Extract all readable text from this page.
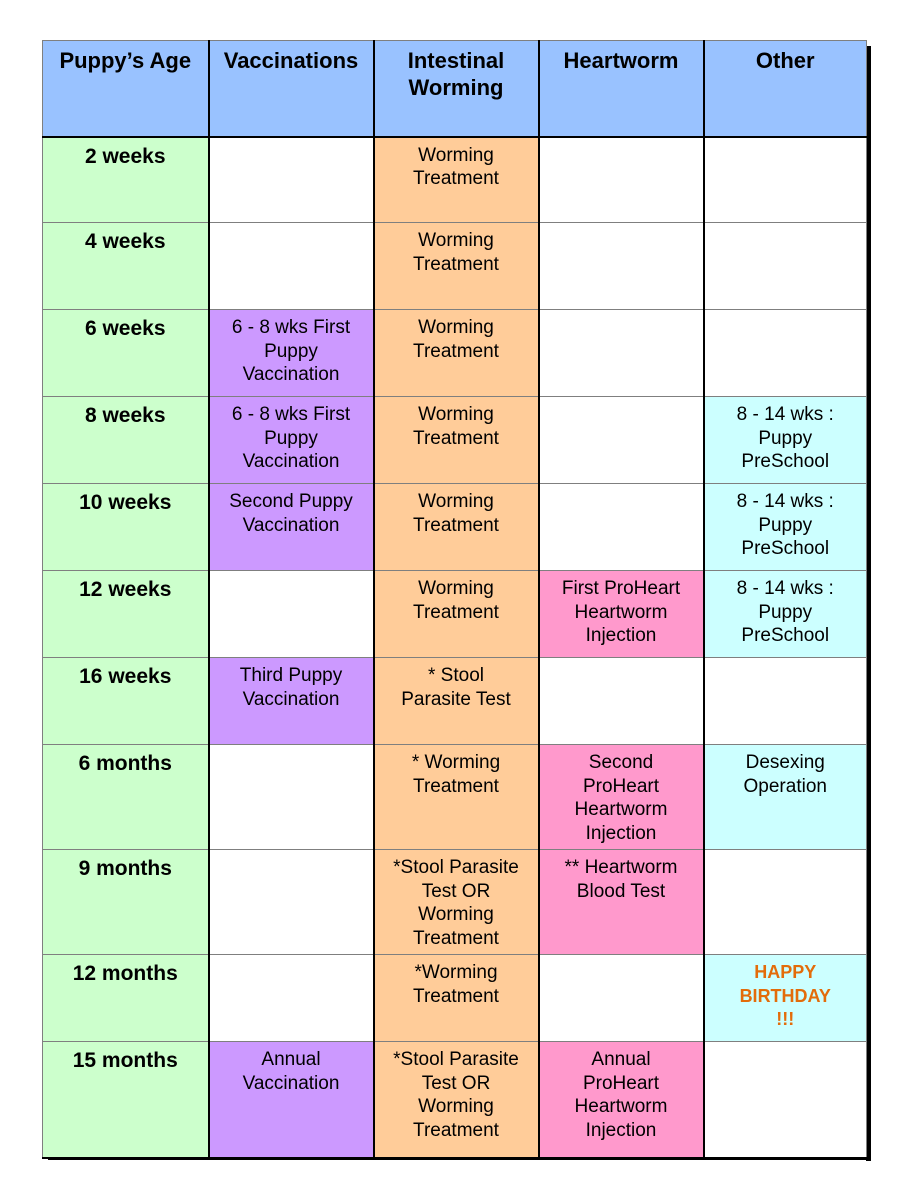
Puppy’s Age	Vaccinations	Intestinal Worming	Heartworm	Other
2 weeks		Worming Treatment		

4 weeks		Worming Treatment		

6 weeks	6 - 8 wks First Puppy Vaccination	Worming Treatment		

8 weeks	6 - 8 wks First Puppy Vaccination	Worming Treatment		8 - 14 wks : Puppy PreSchool

10 weeks	Second Puppy Vaccination	Worming Treatment		8 - 14 wks : Puppy PreSchool

12 weeks		Worming Treatment	First ProHeart Heartworm Injection	8 - 14 wks : Puppy PreSchool

16 weeks	Third Puppy Vaccination	* Stool Parasite Test		

6 months		* Worming Treatment	Second ProHeart Heartworm Injection	Desexing Operation

9 months		*Stool Parasite Test OR Worming Treatment	** Heartworm Blood Test	

12 months		*Worming Treatment		HAPPY BIRTHDAY !!!

15 months	Annual Vaccination	*Stool Parasite Test OR Worming Treatment	Annual ProHeart Heartworm Injection	
